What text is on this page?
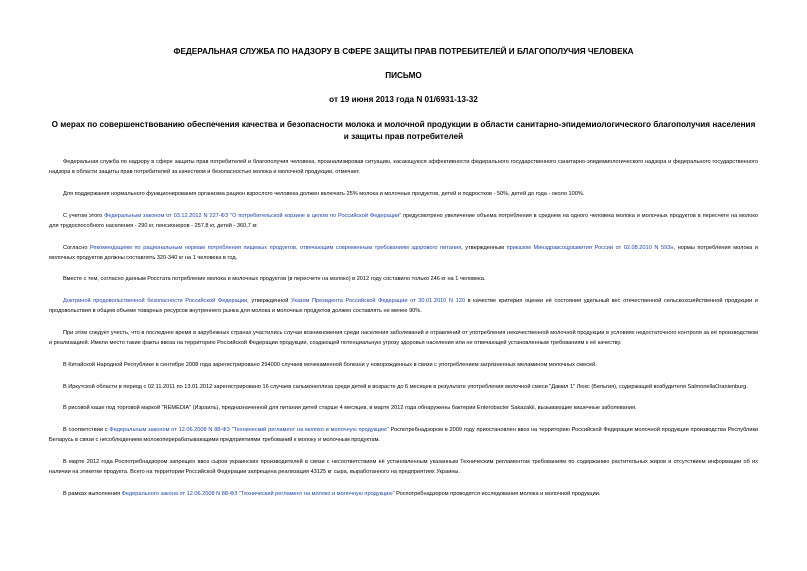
ФЕДЕРАЛЬНАЯ СЛУЖБА ПО НАДЗОРУ В СФЕРЕ ЗАЩИТЫ ПРАВ ПОТРЕБИТЕЛЕЙ И БЛАГОПОЛУЧИЯ ЧЕЛОВЕКА
ПИСЬМО
от 19 июня 2013 года N 01/6931-13-32
О мерах по совершенствованию обеспечения качества и безопасности молока и молочной продукции в области санитарно-эпидемиологического благополучия населения и защиты прав потребителей

Федеральная служба по надзору в сфере защиты прав потребителей и благополучия человека, проанализировав ситуацию, касающуюся эффективности федерального государственного санитарно-эпидемиологического надзора и федерального государственного надзора в области защиты прав потребителей за качеством и безопасностью молока и молочной продукции, отмечает.

Для поддержания нормального функционирования организма рацион взрослого человека должен включать 25% молока и молочных продуктов, детей и подростков - 50%, детей до года - около 100%.

С учетом этого Федеральным законом от 03.12.2012 N 227-ФЗ "О потребительской корзине в целом по Российской Федерации" предусмотрено увеличение объема потребления в среднем на одного человека молока и молочных продуктов в пересчете на молоко для трудоспособного населения - 290 кг, пенсионеров - 257,8 кг, детей - 360,7 кг.

Согласно Рекомендациям по рациональным нормам потребления пищевых продуктов, отвечающим современным требованиям здорового питания, утвержденным приказом Минздравсоцразвития России от 02.08.2010 N 593н, нормы потребления молока и молочных продуктов должны составлять 320-340 кг на 1 человека в год.

Вместе с тем, согласно данным Росстата потребление молока и молочных продуктов (в пересчете на молоко) в 2012 году составило только 246 кг на 1 человека.

Доктриной продовольственной безопасности Российской Федерации, утвержденной Указом Президента Российской Федерации от 30.01.2010 N 120 в качестве критерия оценки её состояния удельный вес отечественной сельскохозяйственной продукции и продовольствия в общем объеме товарных ресурсов внутреннего рынка для молока и молочных продуктов должен составлять не менее 90%.

При этом следует учесть, что в последнее время в зарубежных странах участились случаи возникновения среди населения заболеваний и отравлений от употребления некачественной молочной продукции в условиях недостаточного контроля за её производством и реализацией. Имели место такие факты ввоза на территорию Российской Федерации продукции, создающей потенциальную угрозу здоровья населения или не отвечающей установленным требованиям к её качеству.

В Китайской Народной Республике в сентябре 2008 года зарегистрировано 294000 случаев мочекаменной болезни у новорожденных в связи с употреблением загрязненных меламином молочных смесей.

В Иркутской области в период с 02.11.2011 по 13.01.2012 зарегистрировано 16 случаев сальмонеллеза среди детей в возрасте до 6 месяцев в результате употребления молочной смеси "Дамил 1" Люкс (Бельгия), содержащей возбудителя SalmonellaOranienburg.

В рисовой каше под торговой маркой "REMEDIA" (Израиль), предназначенной для питания детей старше 4 месяцев, в марте 2012 года обнаружены бактерии Enterobacter Sakazakii, вызывающие кишечные заболевания.

В соответствии с Федеральным законом от 12.06.2008 N 88-ФЗ "Технический регламент на молоко и молочную продукцию" Роспотребнадзором в 2009 году приостановлен ввоз на территорию Российской Федерации молочной продукции производства Республики Беларусь в связи с несоблюдением молокоперерабатывающими предприятиями требований к молоку и молочным продуктам.

В марте 2012 года Роспотребнадзором запрещен ввоз сыров украинских производителей в связи с несоответствием её установленным указанным Техническим регламентом требованиям по содержанию растительных жиров и отсутствием информации об их наличии на этикетке продукта. Всего на территории Российской Федерации запрещена реализация 43125 кг сыра, выработанного на предприятиях Украины.

В рамках выполнения Федерального закона от 12.06.2008 N 88-ФЗ "Технический регламент на молоко и молочную продукцию" Роспотребнадзором проводятся исследования молока и молочной продукции.
